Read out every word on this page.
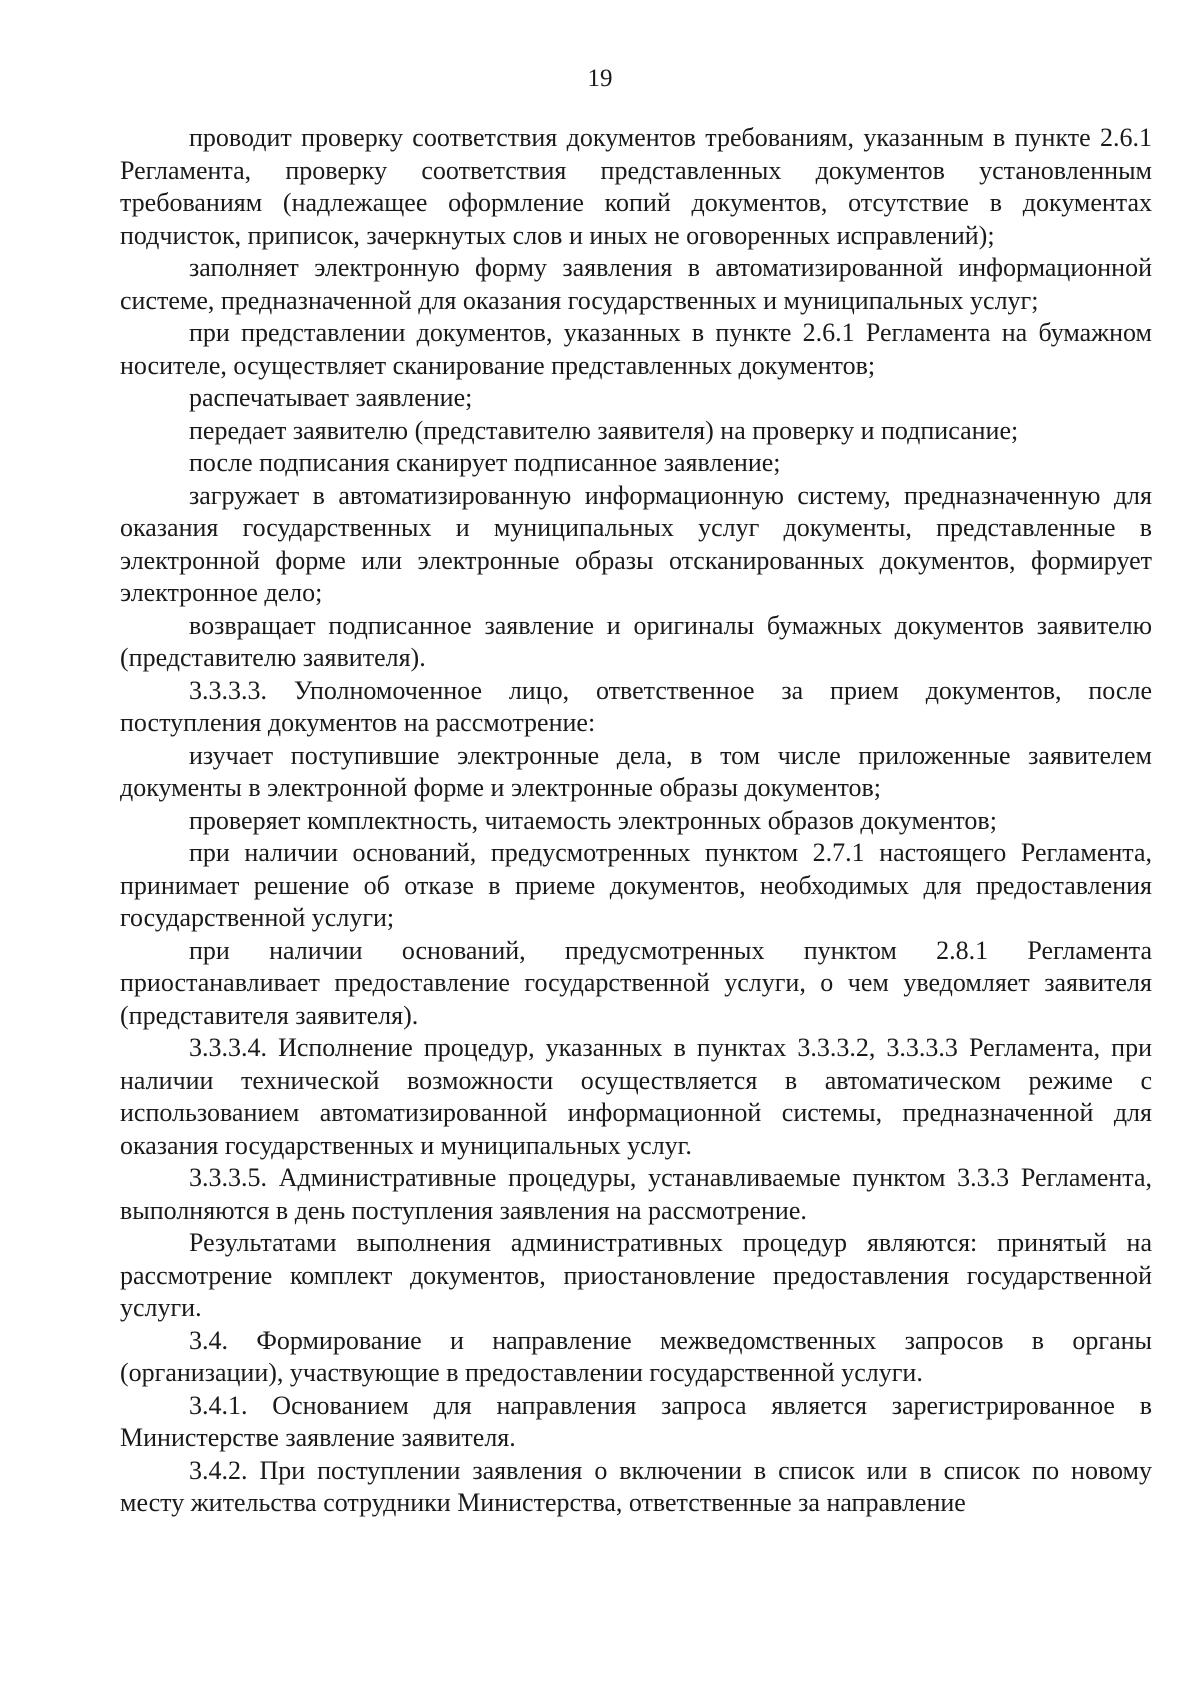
19

проводит проверку соответствия документов требованиям, указанным в пункте 2.6.1 Регламента, проверку соответствия представленных документов установленным требованиям (надлежащее оформление копий документов, отсутствие в документах подчисток, приписок, зачеркнутых слов и иных не оговоренных исправлений);

заполняет электронную форму заявления в автоматизированной информационной системе, предназначенной для оказания государственных и муниципальных услуг;

при представлении документов, указанных в пункте 2.6.1 Регламента на бумажном носителе, осуществляет сканирование представленных документов;

распечатывает заявление;

передает заявителю (представителю заявителя) на проверку и подписание;

после подписания сканирует подписанное заявление;

загружает в автоматизированную информационную систему, предназначенную для оказания государственных и муниципальных услуг документы, представленные в электронной форме или электронные образы отсканированных документов, формирует электронное дело;

возвращает подписанное заявление и оригиналы бумажных документов заявителю (представителю заявителя).

3.3.3.3. Уполномоченное лицо, ответственное за прием документов, после поступления документов на рассмотрение:

изучает поступившие электронные дела, в том числе приложенные заявителем документы в электронной форме и электронные образы документов;

проверяет комплектность, читаемость электронных образов документов;

при наличии оснований, предусмотренных пунктом 2.7.1 настоящего Регламента, принимает решение об отказе в приеме документов, необходимых для предоставления государственной услуги;

при наличии оснований, предусмотренных пунктом 2.8.1 Регламента приостанавливает предоставление государственной услуги, о чем уведомляет заявителя (представителя заявителя).

3.3.3.4. Исполнение процедур, указанных в пунктах 3.3.3.2, 3.3.3.3 Регламента, при наличии технической возможности осуществляется в автоматическом режиме с использованием автоматизированной информационной системы, предназначенной для оказания государственных и муниципальных услуг.

3.3.3.5. Административные процедуры, устанавливаемые пунктом 3.3.3 Регламента, выполняются в день поступления заявления на рассмотрение.

Результатами выполнения административных процедур являются: принятый на рассмотрение комплект документов, приостановление предоставления государственной услуги.

3.4. Формирование и направление межведомственных запросов в органы (организации), участвующие в предоставлении государственной услуги.

3.4.1. Основанием для направления запроса является зарегистрированное в Министерстве заявление заявителя.

3.4.2. При поступлении заявления о включении в список или в список по новому месту жительства сотрудники Министерства, ответственные за направление
